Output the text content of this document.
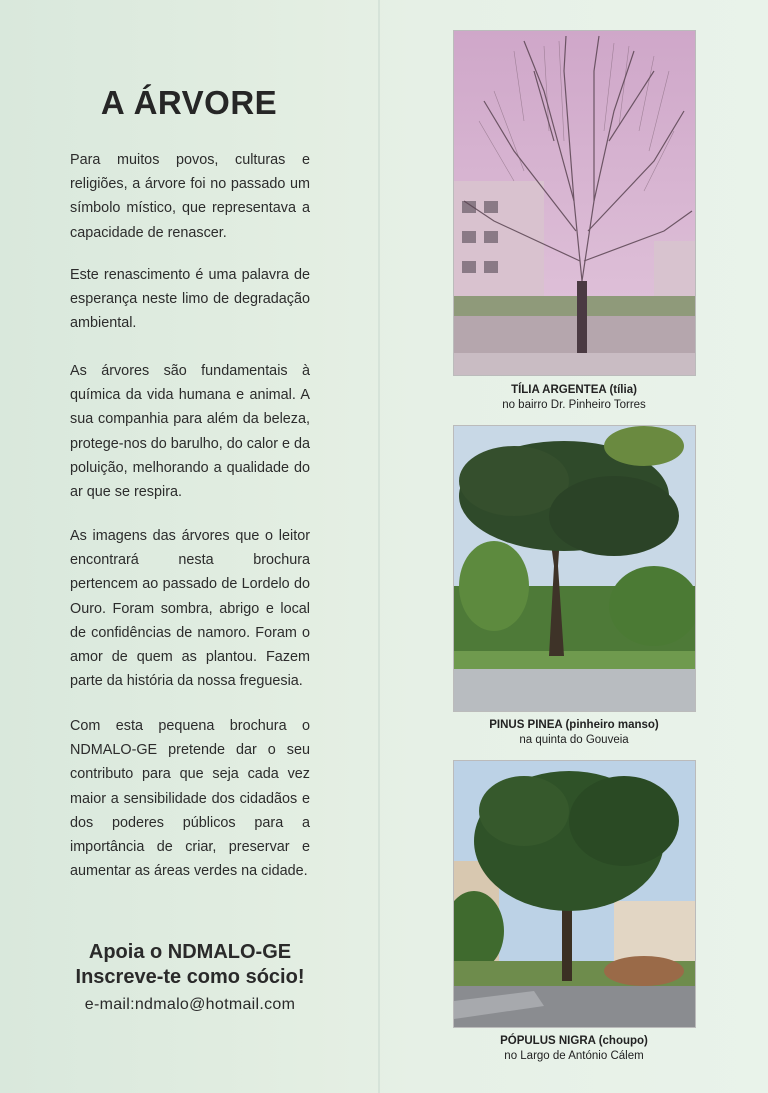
A ÁRVORE

Para muitos povos, culturas e religiões, a árvore foi no passado um símbolo místico, que representava a capacidade de renascer.

Este renascimento é uma palavra de esperança neste limo de degradação ambiental.

As árvores são fundamentais à química da vida humana e animal. A sua companhia para além da beleza, protege-nos do barulho, do calor e da poluição, melhorando a qualidade do ar que se respira.

As imagens das árvores que o leitor encontrará nesta brochura pertencem ao passado de Lordelo do Ouro. Foram sombra, abrigo e local de confidências de namoro. Foram o amor de quem as plantou. Fazem parte da história da nossa freguesia.

Com esta pequena brochura o NDMALO-GE pretende dar o seu contributo para que seja cada vez maior a sensibilidade dos cidadãos e dos poderes públicos para a importância de criar, preservar e aumentar as áreas verdes na cidade.

Apoia o NDMALO-GE
Inscreve-te como sócio!
e-mail:ndmalo@hotmail.com
TÍLIA ARGENTEA (tília)
no bairro Dr. Pinheiro Torres
PINUS PINEA (pinheiro manso)
na quinta do Gouveia
PÓPULUS NIGRA (choupo)
no Largo de António Cálem
